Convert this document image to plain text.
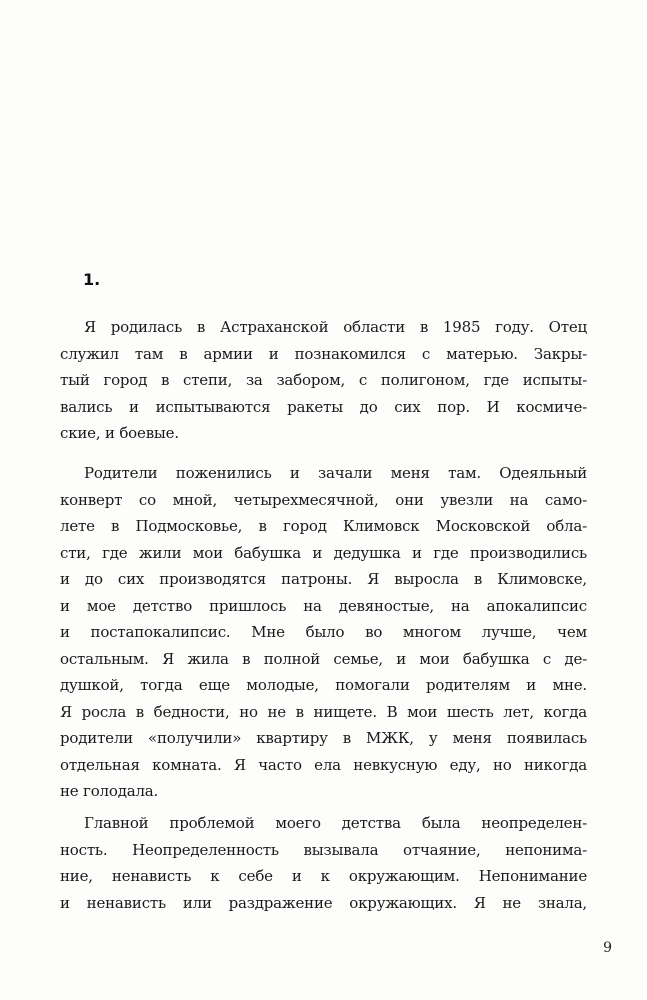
1.
Я родилась в Астраханской области в 1985 году. Отец
служил там в армии и познакомился с матерью. Закры-
тый город в степи, за забором, с полигоном, где испыты-
вались и испытываются ракеты до сих пор. И космиче-
ские, и боевые.
Родители поженились и зачали меня там. Одеяльный
конверт со мной, четырехмесячной, они увезли на само-
лете в Подмосковье, в город Климовск Московской обла-
сти, где жили мои бабушка и дедушка и где производились
и до сих производятся патроны. Я выросла в Климовске,
и мое детство пришлось на девяностые, на апокалипсис
и постапокалипсис. Мне было во многом лучше, чем
остальным. Я жила в полной семье, и мои бабушка с де-
душкой, тогда еще молодые, помогали родителям и мне.
Я росла в бедности, но не в нищете. В мои шесть лет, когда
родители «получили» квартиру в МЖК, у меня появилась
отдельная комната. Я часто ела невкусную еду, но никогда
не голодала.
Главной проблемой моего детства была неопределен-
ность. Неопределенность вызывала отчаяние, непонима-
ние, ненависть к себе и к окружающим. Непонимание
и ненависть или раздражение окружающих. Я не знала,
9
